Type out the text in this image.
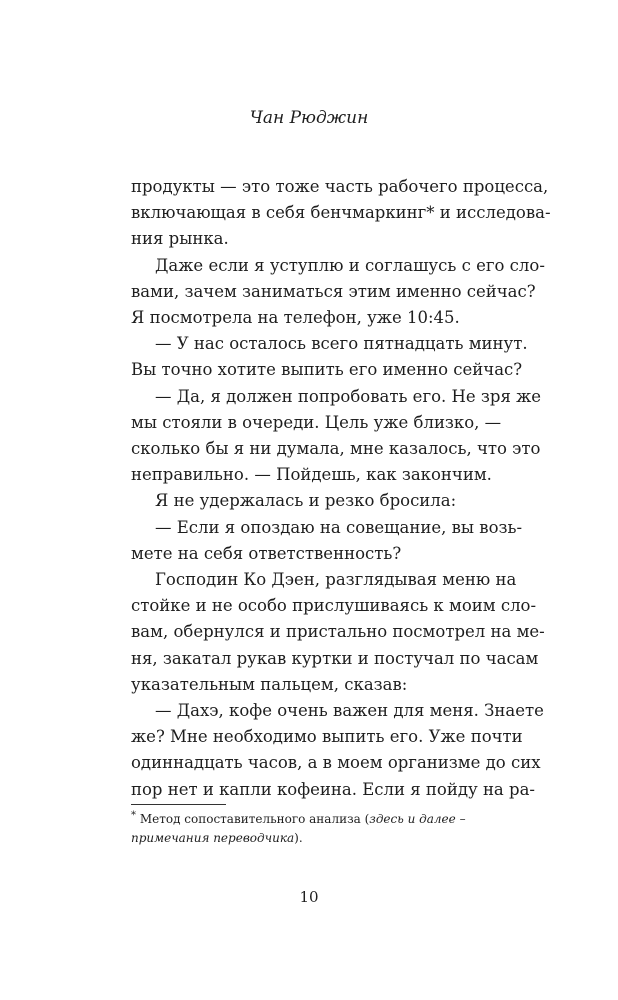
Чан Рюджин

продукты — это тоже часть рабочего процесса,

включающая в себя бенчмаркинг* и исследова-

ния рынка.

Даже если я уступлю и соглашусь с его сло-

вами, зачем заниматься этим именно сейчас?

Я посмотрела на телефон, уже 10:45.

— У нас осталось всего пятнадцать минут.

Вы точно хотите выпить его именно сейчас?

— Да, я должен попробовать его. Не зря же

мы стояли в очереди. Цель уже близко, —

сколько бы я ни думала, мне казалось, что это

неправильно. — Пойдешь, как закончим.

Я не удержалась и резко бросила:

— Если я опоздаю на совещание, вы возь-

мете на себя ответственность?

Господин Ко Дэен, разглядывая меню на

стойке и не особо прислушиваясь к моим сло-

вам, обернулся и пристально посмотрел на ме-

ня, закатал рукав куртки и постучал по часам

указательным пальцем, сказав:

— Дахэ, кофе очень важен для меня. Знаете

же? Мне необходимо выпить его. Уже почти

одиннадцать часов, а в моем организме до сих

пор нет и капли кофеина. Если я пойду на ра-

* Метод сопоставительного анализа (здесь и далее –

примечания переводчика).

10
